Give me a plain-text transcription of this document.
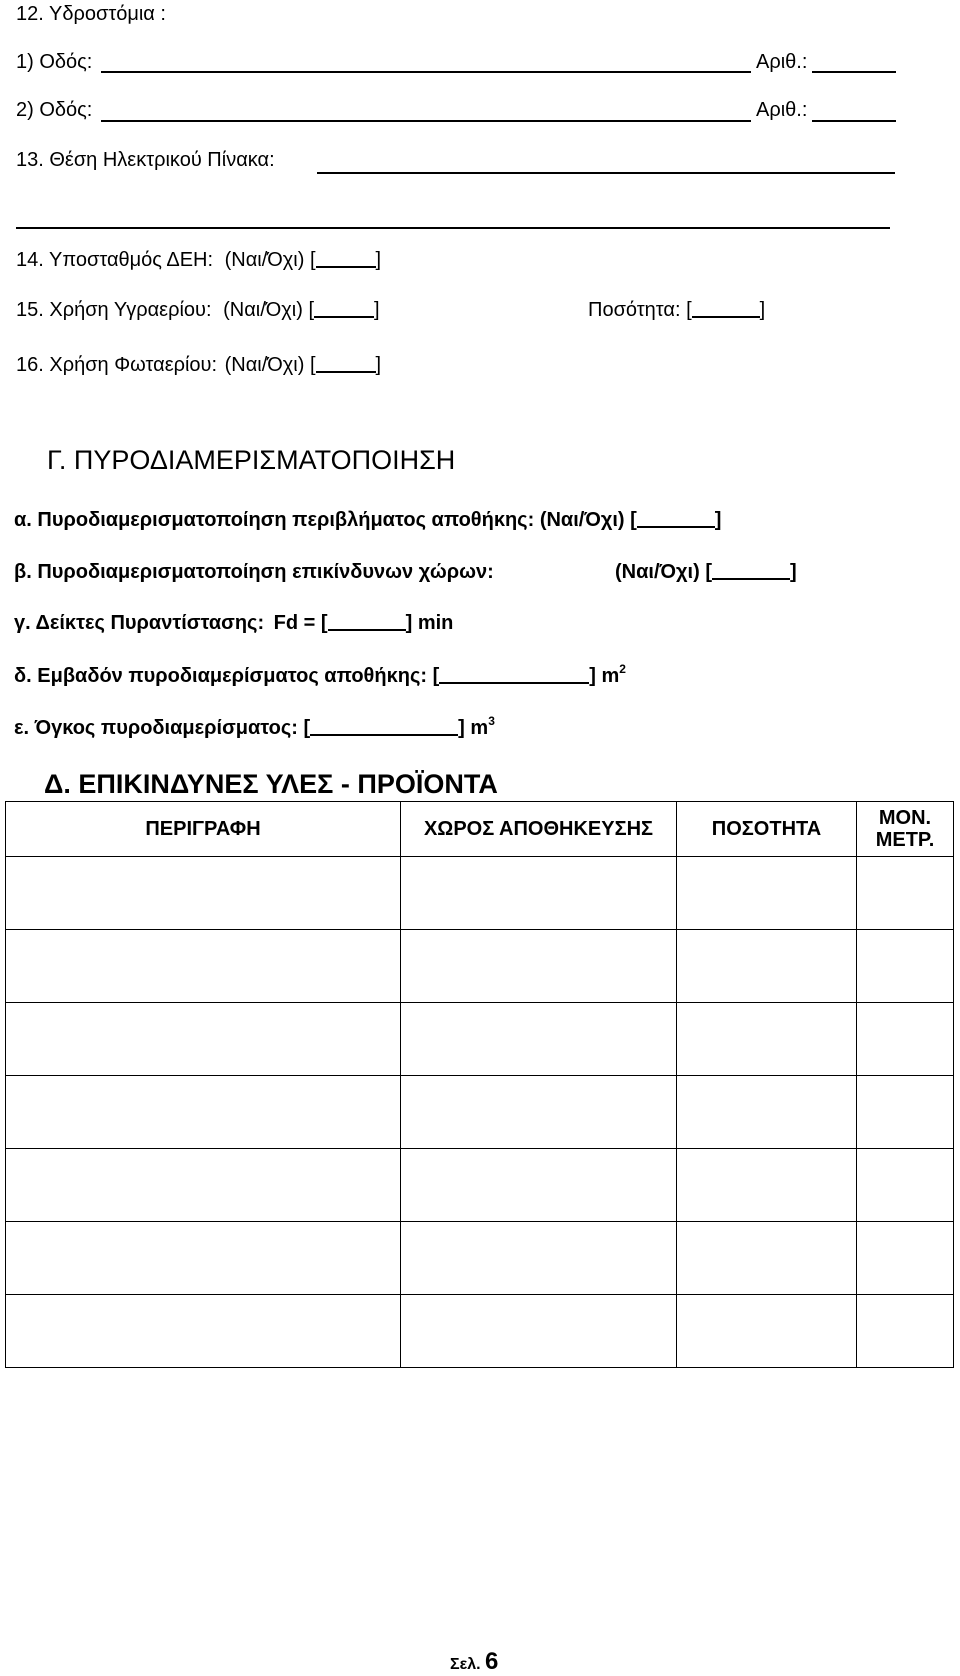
12. Υδροστόμια :
1) Οδός:	Αριθ.:
2) Οδός:	Αριθ.:
13. Θέση Ηλεκτρικού Πίνακα:
14. Υποσταθμός ΔΕΗ: (Ναι/Όχι) [	]
15. Χρήση Υγραερίου: (Ναι/Όχι) [	]	Ποσότητα: [	]
16. Χρήση Φωταερίου: (Ναι/Όχι) [	]
Γ. ΠΥΡΟΔΙΑΜΕΡΙΣΜΑΤΟΠΟΙΗΣΗ
α. Πυροδιαμερισματοποίηση περιβλήματος αποθήκης: (Ναι/Όχι) [	]
β. Πυροδιαμερισματοποίηση επικίνδυνων χώρων:	(Ναι/Όχι) [	]
γ. Δείκτες Πυραντίστασης: Fd = [	] min
δ. Εμβαδόν πυροδιαμερίσματος αποθήκης: [	] $m^2$
ε. Όγκος πυροδιαμερίσματος: [	] $m^3$
Δ. ΕΠΙΚΙΝΔΥΝΕΣ ΥΛΕΣ - ΠΡΟΪΟΝΤΑ
ΠΕΡΙΓΡΑΦΗ	ΧΩΡΟΣ ΑΠΟΘΗΚΕΥΣΗΣ	ΠΟΣΟΤΗΤΑ	ΜΟΝ. ΜΕΤΡ.

Σελ. 6
